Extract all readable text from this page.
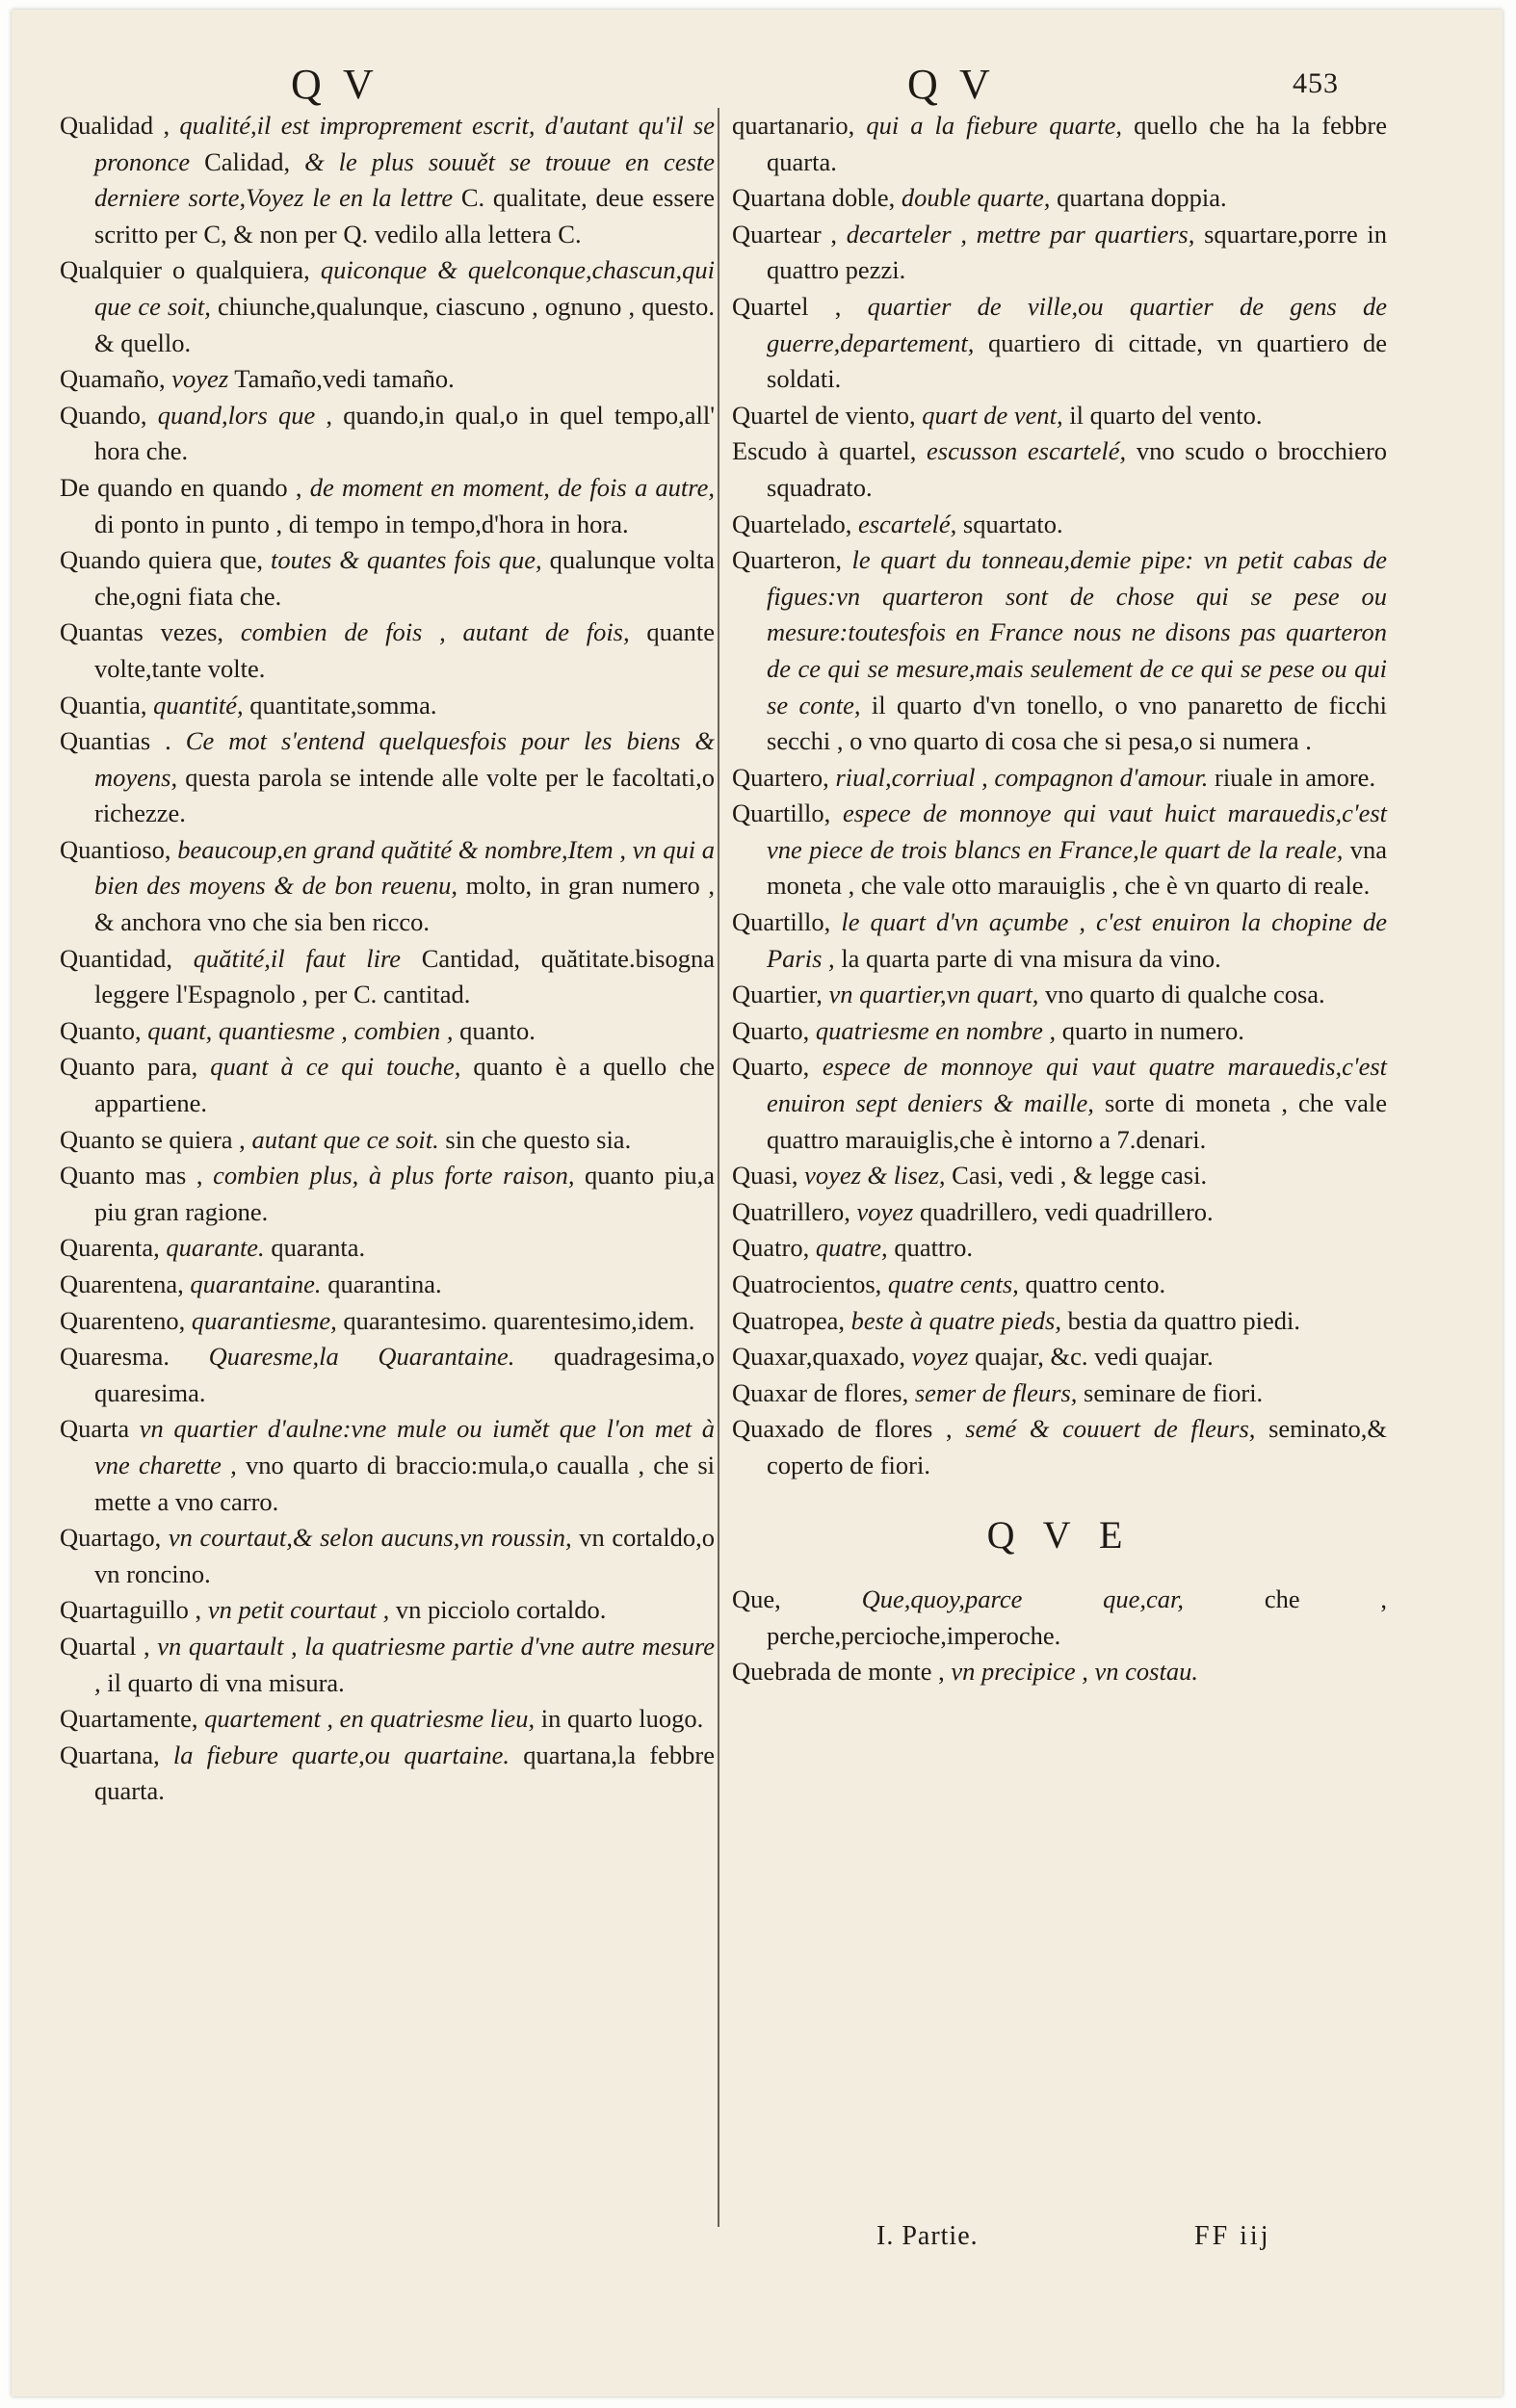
Q V	Q V	453

Qualidad , qualité,il est improprement escrit, d'autant qu'il se prononce Calidad, & le plus souuět se trouue en ceste derniere sorte,Voyez le en la lettre C. qualitate, deue essere scritto per C, & non per Q. vedilo alla lettera C.

Qualquier o qualquiera, quiconque & quelconque,chascun,qui que ce soit, chiunche,qualunque, ciascuno , ognuno , questo. & quello.

Quamaño, voyez Tamaño,vedi tamaño.

Quando, quand,lors que , quando,in qual,o in quel tempo,all' hora che.

De quando en quando , de moment en moment, de fois a autre, di ponto in punto , di tempo in tempo,d'hora in hora.

Quando quiera que, toutes & quantes fois que, qualunque volta che,ogni fiata che.

Quantas vezes, combien de fois , autant de fois, quante volte,tante volte.

Quantia, quantité, quantitate,somma.

Quantias . Ce mot s'entend quelquesfois pour les biens & moyens, questa parola se intende alle volte per le facoltati,o richezze.

Quantioso, beaucoup,en grand quătité & nombre,Item , vn qui a bien des moyens & de bon reuenu, molto, in gran numero , & anchora vno che sia ben ricco.

Quantidad, quătité,il faut lire Cantidad, quătitate.bisogna leggere l'Espagnolo , per C. cantitad.

Quanto, quant, quantiesme , combien , quanto.

Quanto para, quant à ce qui touche, quanto è a quello che appartiene.

Quanto se quiera , autant que ce soit. sin che questo sia.

Quanto mas , combien plus, à plus forte raison, quanto piu,a piu gran ragione.

Quarenta, quarante. quaranta.

Quarentena, quarantaine. quarantina.

Quarenteno, quarantiesme, quarantesimo. quarentesimo,idem.

Quaresma. Quaresme,la Quarantaine. quadragesima,o quaresima.

Quarta vn quartier d'aulne:vne mule ou iumět que l'on met à vne charette , vno quarto di braccio:mula,o caualla , che si mette a vno carro.

Quartago, vn courtaut,& selon aucuns,vn roussin, vn cortaldo,o vn roncino.

Quartaguillo , vn petit courtaut , vn picciolo cortaldo.

Quartal , vn quartault , la quatriesme partie d'vne autre mesure , il quarto di vna misura.

Quartamente, quartement , en quatriesme lieu, in quarto luogo.

Quartana, la fiebure quarte,ou quartaine. quartana,la febbre quarta.

quartanario, qui a la fiebure quarte, quello che ha la febbre quarta.

Quartana doble, double quarte, quartana doppia.

Quartear , decarteler , mettre par quartiers, squartare,porre in quattro pezzi.

Quartel , quartier de ville,ou quartier de gens de guerre,departement, quartiero di cittade, vn quartiero de soldati.

Quartel de viento, quart de vent, il quarto del vento.

Escudo à quartel, escusson escartelé, vno scudo o brocchiero squadrato.

Quartelado, escartelé, squartato.

Quarteron, le quart du tonneau,demie pipe: vn petit cabas de figues:vn quarteron sont de chose qui se pese ou mesure:toutesfois en France nous ne disons pas quarteron de ce qui se mesure,mais seulement de ce qui se pese ou qui se conte, il quarto d'vn tonello, o vno panaretto de ficchi secchi , o vno quarto di cosa che si pesa,o si numera .

Quartero, riual,corriual , compagnon d'amour. riuale in amore.

Quartillo, espece de monnoye qui vaut huict marauedis,c'est vne piece de trois blancs en France,le quart de la reale, vna moneta , che vale otto marauiglis , che è vn quarto di reale.

Quartillo, le quart d'vn açumbe , c'est enuiron la chopine de Paris , la quarta parte di vna misura da vino.

Quartier, vn quartier,vn quart, vno quarto di qualche cosa.

Quarto, quatriesme en nombre , quarto in numero.

Quarto, espece de monnoye qui vaut quatre marauedis,c'est enuiron sept deniers & maille, sorte di moneta , che vale quattro marauiglis,che è intorno a 7.denari.

Quasi, voyez & lisez, Casi, vedi , & legge casi.

Quatrillero, voyez quadrillero, vedi quadrillero.

Quatro, quatre, quattro.

Quatrocientos, quatre cents, quattro cento.

Quatropea, beste à quatre pieds, bestia da quattro piedi.

Quaxar,quaxado, voyez quajar, &c. vedi quajar.

Quaxar de flores, semer de fleurs, seminare de fiori.

Quaxado de flores , semé & couuert de fleurs, seminato,& coperto de fiori.

Q V E

Que,	Que,quoy,parce que,car,	che , perche,percioche,imperoche.

Quebrada de monte , vn precipice , vn costau.

I. Partie.	FF iij
